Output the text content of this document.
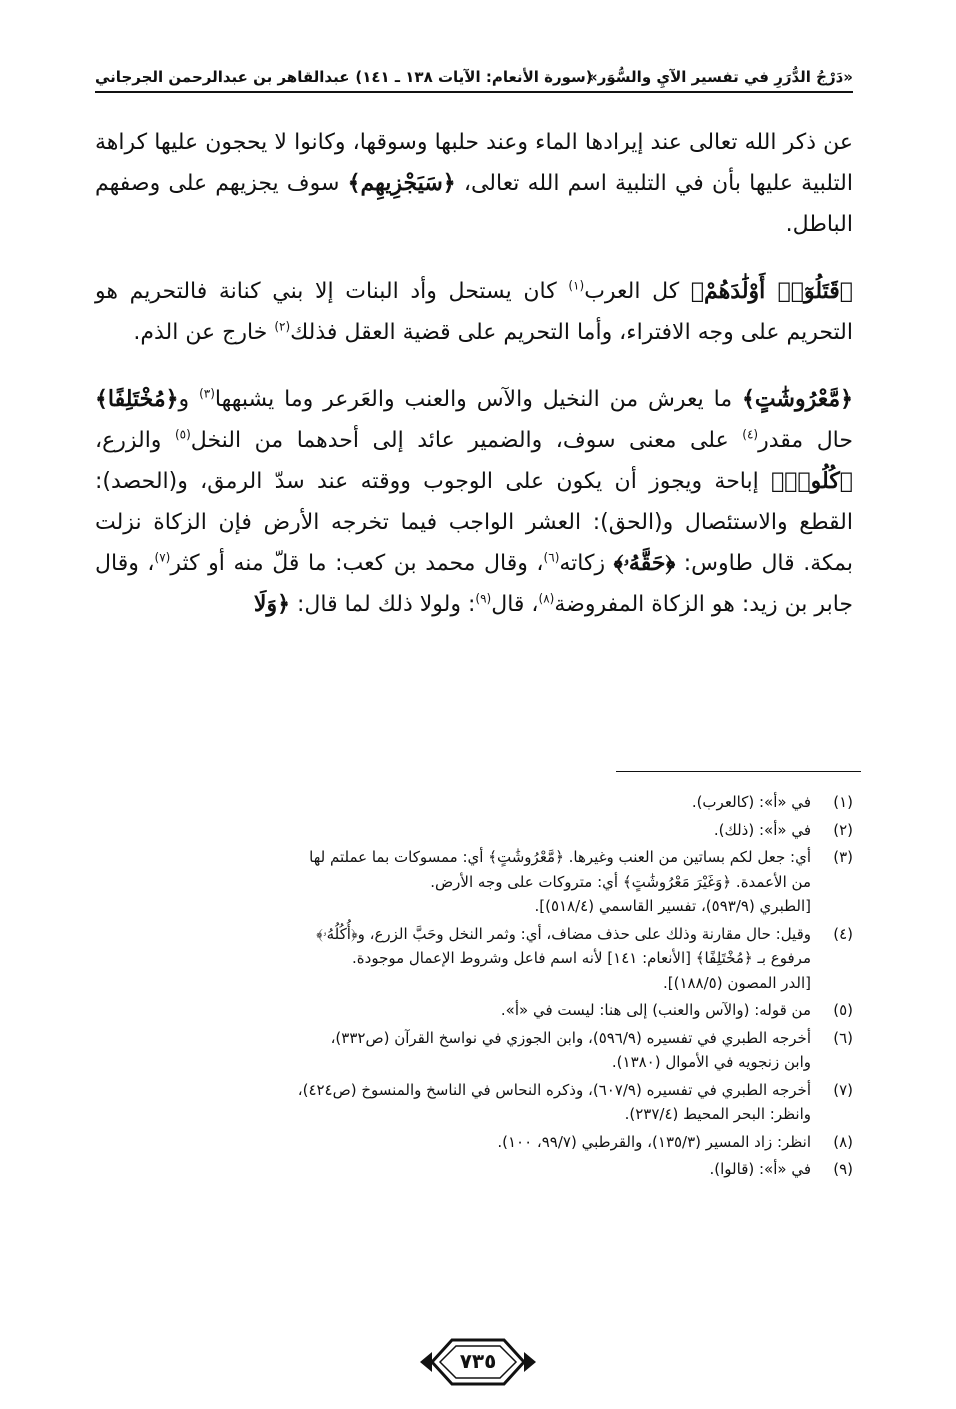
«دَرْجُ الدُّرَرِ في تفسير الآيِ والسُّوَر»
(سورة الأنعام: الآيات ١٣٨ ـ ١٤١)
عبدالقاهر بن عبدالرحمن الجرجاني

عن ذكر الله تعالى عند إيرادها الماء وعند حلبها وسوقها، وكانوا لا يحجون عليها كراهة التلبية عليها بأن في التلبية اسم الله تعالى، ﴿سَيَجْزِيهِم﴾ سوف يجزيهم على وصفهم الباطل.

﴿قَتَلُوٓا۟ أَوْلَٰدَهُمْ﴾ كل العرب$^{(١)}$ كان يستحل وأد البنات إلا بني كنانة فالتحريم هو التحريم على وجه الافتراء، وأما التحريم على قضية العقل فذلك$^{(٢)}$ خارج عن الذم.

﴿مَّعْرُوشَٰتٍ﴾ ما يعرش من النخيل والآس والعنب والعَرعر وما يشبهها$^{(٣)}$ و﴿مُخْتَلِفًا﴾ حال مقدر$^{(٤)}$ على معنى سوف، والضمير عائد إلى أحدهما من النخل$^{(٥)}$ والزرع، ﴿كُلُوا۟﴾ إباحة ويجوز أن يكون على الوجوب ووقته عند سدّ الرمق، و(الحصد): القطع والاستئصال و(الحق): العشر الواجب فيما تخرجه الأرض فإن الزكاة نزلت بمكة. قال طاوس: ﴿حَقَّهُۥ﴾ زكاته$^{(٦)}$، وقال محمد بن كعب: ما قلّ منه أو كثر$^{(٧)}$، وقال جابر بن زيد: هو الزكاة المفروضة$^{(٨)}$، قال$^{(٩)}$: ولولا ذلك لما قال: ﴿وَلَا

(١)
في «أ»: (كالعرب).
(٢)
في «أ»: (ذلك).
(٣)
أي: جعل لكم بساتين من العنب وغيرها. ﴿مَّعْرُوشَٰتٍ﴾ أي: ممسوكات بما عملتم لها
من الأعمدة. ﴿وَغَيْرَ مَعْرُوشَٰتٍ﴾ أي: متروكات على وجه الأرض.
[الطبري (٥٩٣/٩)، تفسير القاسمي (٥١٨/٤)].
(٤)
وقيل: حال مقارنة وذلك على حذف مضاف، أي: وثمر النخل وحَبَّ الزرع، و﴿أُكُلُهُۥ﴾
مرفوع بـ ﴿مُخْتَلِفًا﴾ [الأنعام: ١٤١] لأنه اسم فاعل وشروط الإعمال موجودة.
[الدر المصون (١٨٨/٥)].
(٥)
من قوله: (والآس والعنب) إلى هنا: ليست في «أ».
(٦)
أخرجه الطبري في تفسيره (٥٩٦/٩)، وابن الجوزي في نواسخ القرآن (ص٣٣٢)،
وابن زنجويه في الأموال (١٣٨٠).
(٧)
أخرجه الطبري في تفسيره (٦٠٧/٩)، وذكره النحاس في الناسخ والمنسوخ (ص٤٢٤)،
وانظر: البحر المحيط (٢٣٧/٤).
(٨)
انظر: زاد المسير (١٣٥/٣)، والقرطبي (٩٩/٧، ١٠٠).
(٩)
في «أ»: (قالوا).
٧٣٥
